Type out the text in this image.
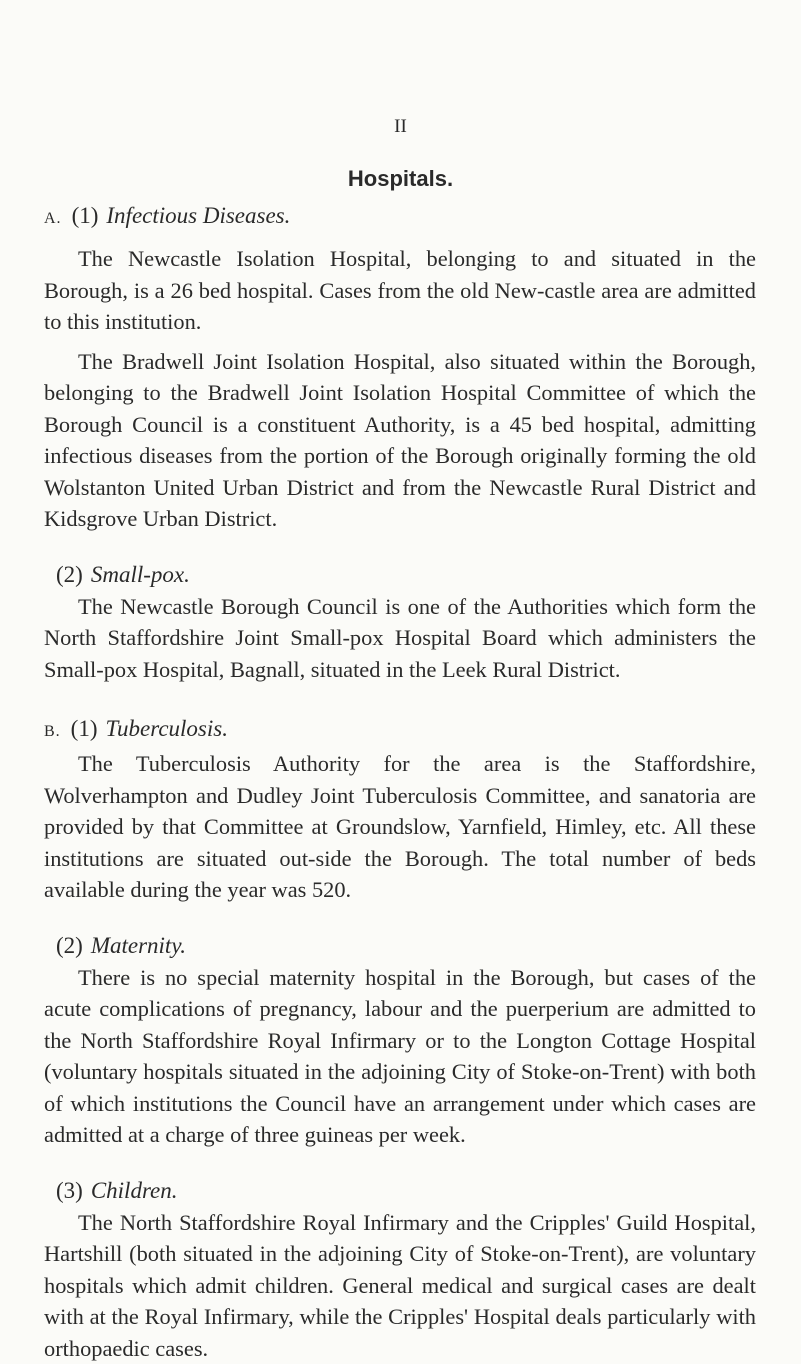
II
Hospitals.
A. (1) Infectious Diseases.

The Newcastle Isolation Hospital, belonging to and situated in the Borough, is a 26 bed hospital. Cases from the old New-castle area are admitted to this institution.

The Bradwell Joint Isolation Hospital, also situated within the Borough, belonging to the Bradwell Joint Isolation Hospital Committee of which the Borough Council is a constituent Authority, is a 45 bed hospital, admitting infectious diseases from the portion of the Borough originally forming the old Wolstanton United Urban District and from the Newcastle Rural District and Kidsgrove Urban District.

(2) Small-pox.

The Newcastle Borough Council is one of the Authorities which form the North Staffordshire Joint Small-pox Hospital Board which administers the Small-pox Hospital, Bagnall, situated in the Leek Rural District.

B. (1) Tuberculosis.

The Tuberculosis Authority for the area is the Staffordshire, Wolverhampton and Dudley Joint Tuberculosis Committee, and sanatoria are provided by that Committee at Groundslow, Yarnfield, Himley, etc. All these institutions are situated out-side the Borough. The total number of beds available during the year was 520.

(2) Maternity.

There is no special maternity hospital in the Borough, but cases of the acute complications of pregnancy, labour and the puerperium are admitted to the North Staffordshire Royal Infirmary or to the Longton Cottage Hospital (voluntary hospitals situated in the adjoining City of Stoke-on-Trent) with both of which institutions the Council have an arrangement under which cases are admitted at a charge of three guineas per week.

(3) Children.

The North Staffordshire Royal Infirmary and the Cripples' Guild Hospital, Hartshill (both situated in the adjoining City of Stoke-on-Trent), are voluntary hospitals which admit children. General medical and surgical cases are dealt with at the Royal Infirmary, while the Cripples' Hospital deals particularly with orthopaedic cases.
